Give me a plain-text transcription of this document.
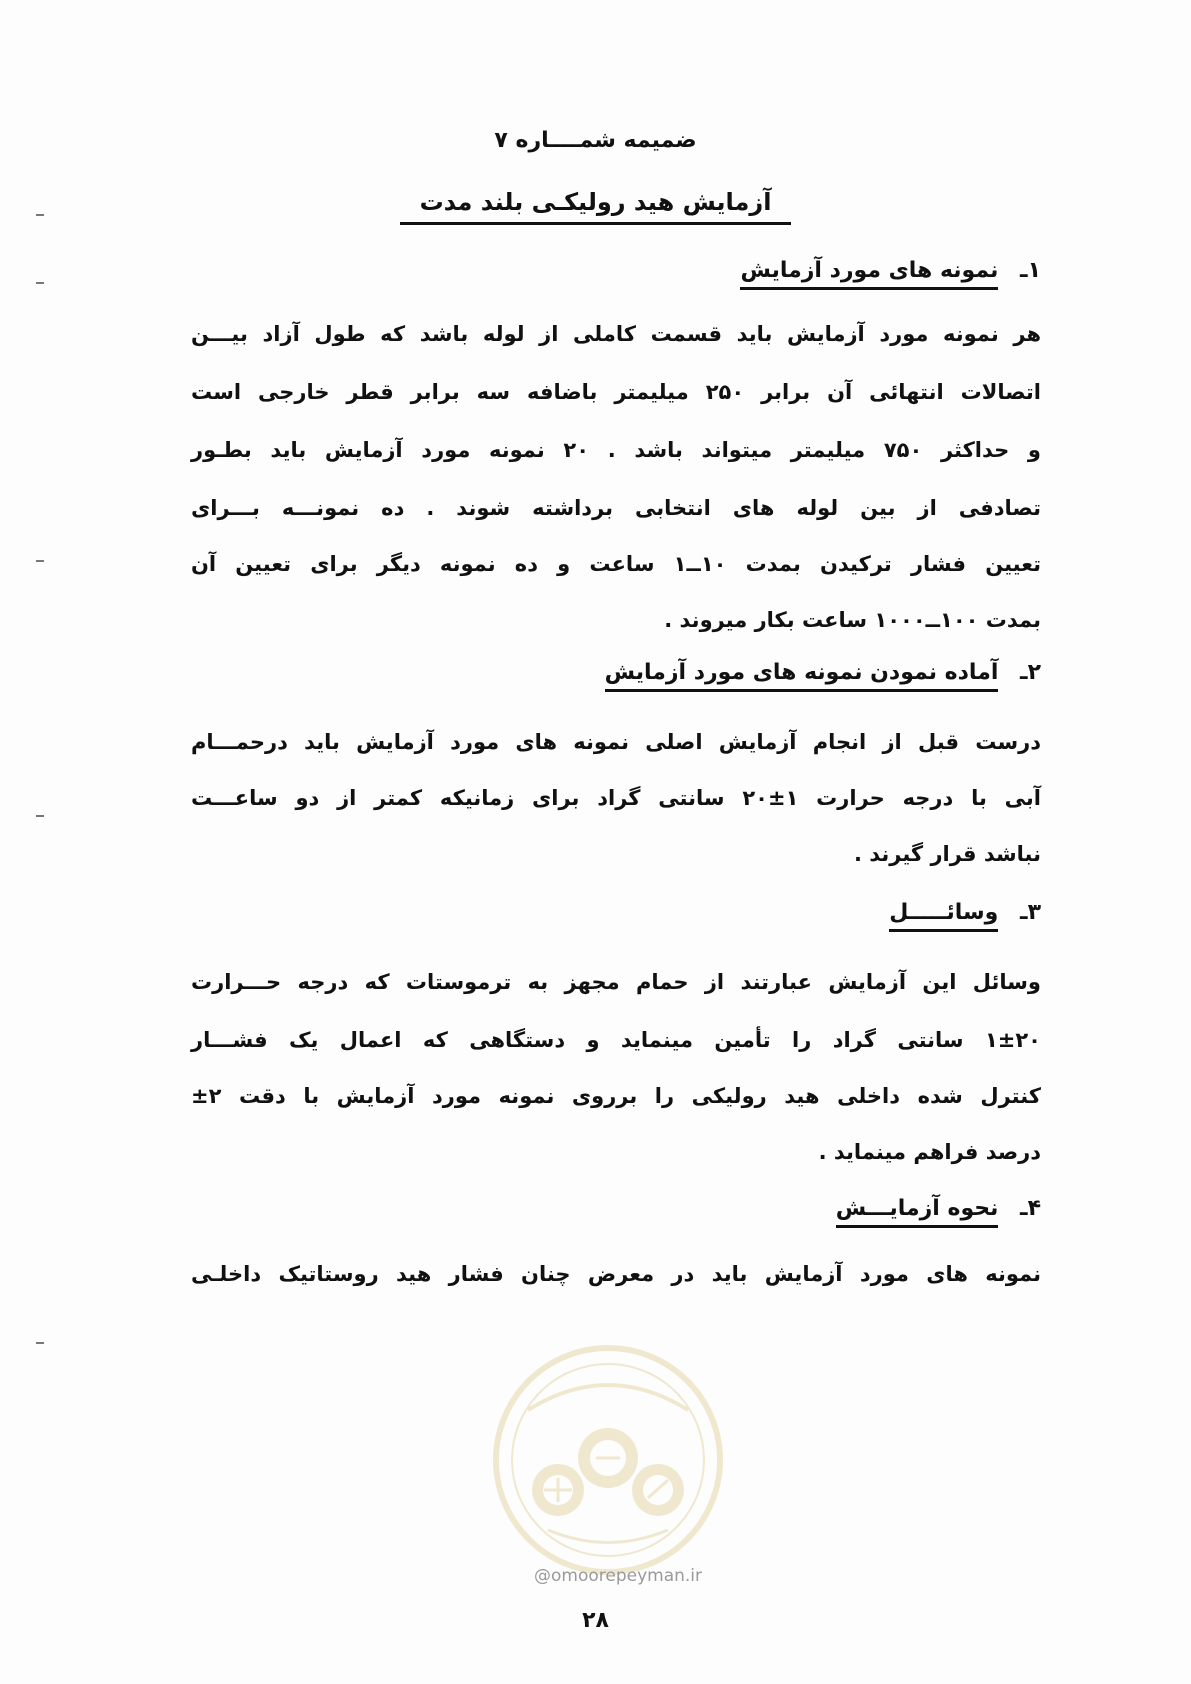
ضمیمه شمــــاره ۷
آزمایش هید رولیکـی بلند مدت
۱ـ نمونه های مورد آزمایش
هر نمونه مورد آزمایش باید قسمت کاملی از لوله باشد که طول آزاد بیـــن
اتصالات انتهائی آن برابر ۲۵۰ میلیمتر باضافه سه برابر قطر خارجی است
و حداکثر ۷۵۰ میلیمتر میتواند باشد . ۲۰ نمونه مورد آزمایش باید بطـور
تصادفی از بین لوله های انتخابی برداشته شوند . ده نمونـــه بـــرای
تعیین فشار ترکیدن بمدت ۱۰ــ۱ ساعت و ده نمونه دیگر برای تعیین آن
بمدت ۱۰۰ــ۱۰۰۰ ساعت بکار میروند .
۲ـ آماده نمودن نمونه های مورد آزمایش
درست قبل از انجام آزمایش اصلی نمونه های مورد آزمایش باید درحمـــام
آبی با درجه حرارت ۱±۲۰ سانتی گراد برای زمانیکه کمتر از دو ساعـــت
نباشد قرار گیرند .
۳ـ وسائـــــل
وسائل این آزمایش عبارتند از حمام مجهز به ترموستات که درجه حـــرارت
۱±۲۰ سانتی گراد را تأمین مینماید و دستگاهی که اعمال یک فشـــار
کنترل شده داخلی هید رولیکی را برروی نمونه مورد آزمایش با دقت ۲±
درصد فراهم مینماید .
۴ـ نحوه آزمایـــش
نمونه های مورد آزمایش باید در معرض چنان فشار هید روستاتیک داخلـی
@omoorepeyman.ir
۲۸
